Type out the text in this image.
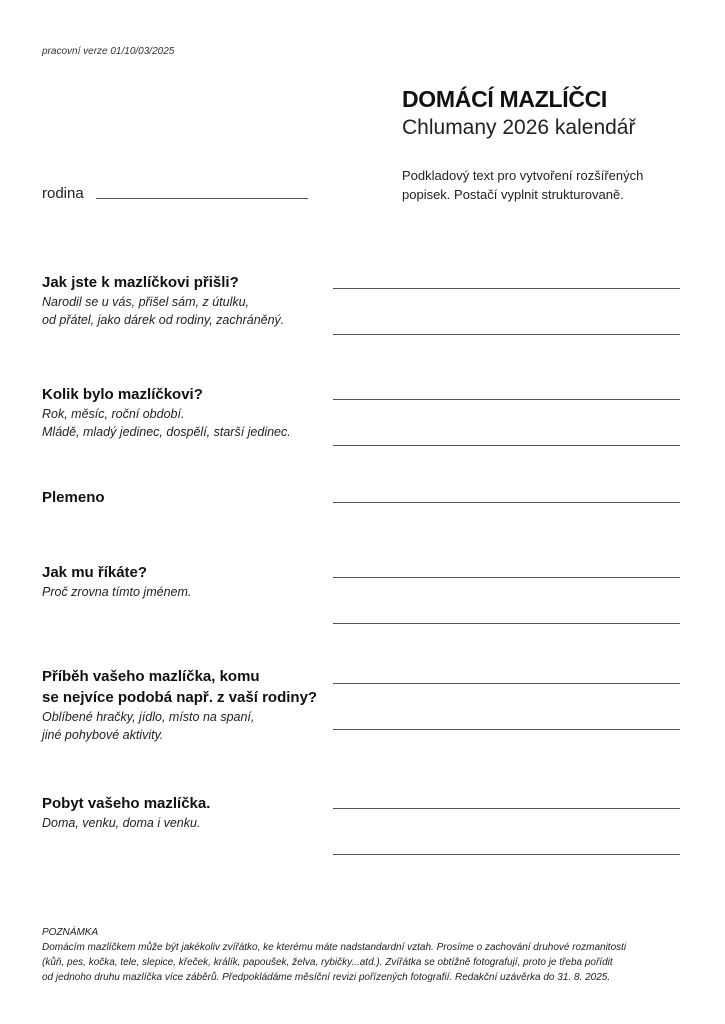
pracovní verze 01/10/03/2025
DOMÁCÍ MAZLÍČCI
Chlumany 2026 kalendář
Podkladový text pro vytvoření rozšířených
popisek. Postačí vyplnit strukturovaně.
rodina
Jak jste k mazlíčkovi přišli?
Narodil se u vás, přišel sám, z útulku,
od přátel, jako dárek od rodiny, zachráněný.
Kolik bylo mazlíčkovi?
Rok, měsíc, roční období.
Mládě, mladý jedinec, dospělí, starší jedinec.
Plemeno
Jak mu říkáte?
Proč zrovna tímto jménem.
Příběh vašeho mazlíčka, komu
se nejvíce podobá např. z vaší rodiny?
Oblíbené hračky, jídlo, místo na spaní,
jiné pohybové aktivity.
Pobyt vašeho mazlíčka.
Doma, venku, doma i venku.
POZNÁMKA
Domácím mazlíčkem může být jakékoliv zvířátko, ke kterému máte nadstandardní vztah. Prosíme o zachování druhové rozmanitosti
(kůň, pes, kočka, tele, slepice, křeček, králík, papoušek, želva, rybičky...atd.). Zvířátka se obtížně fotografují, proto je třeba pořídit
od jednoho druhu mazlíčka více záběrů. Předpokládáme měsíční revizi pořízených fotografií. Redakční uzávěrka do 31. 8. 2025.
